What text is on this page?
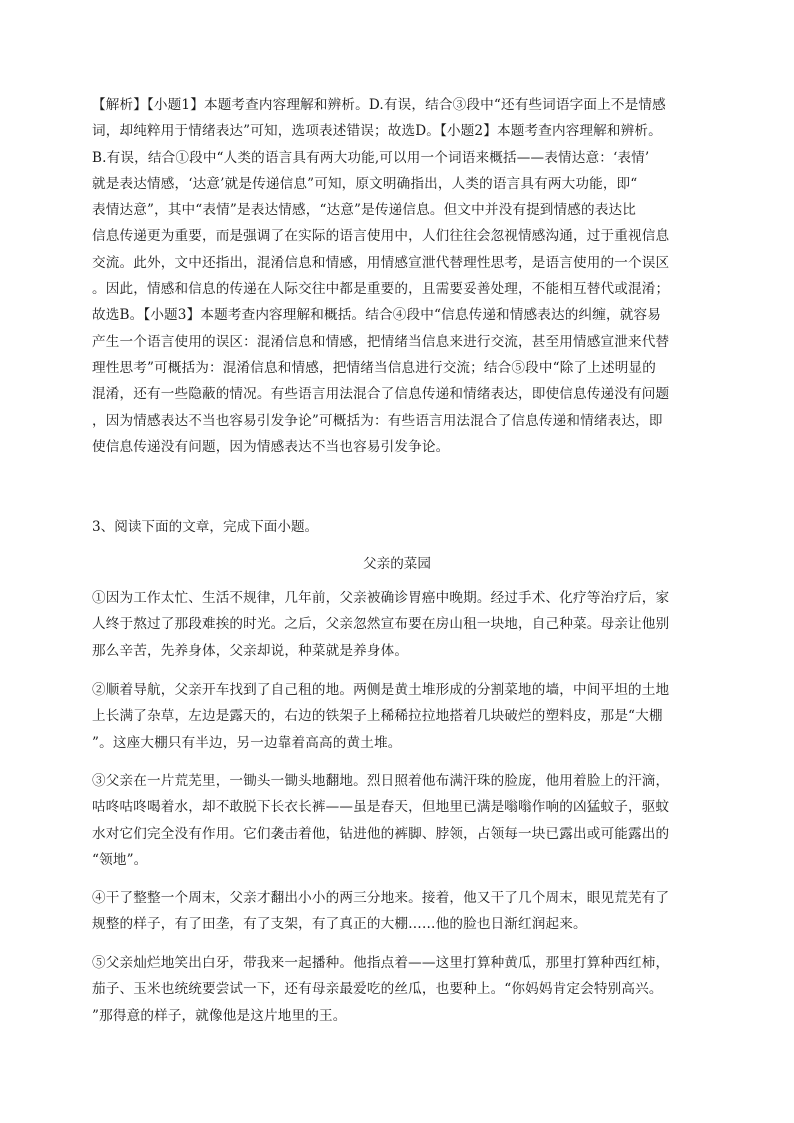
【解析】【小题1】本题考查内容理解和辨析。D.有误，结合③段中“还有些词语字面上不是情感
词，却纯粹用于情绪表达”可知，选项表述错误；故选D。【小题2】本题考查内容理解和辨析。
B.有误，结合①段中“人类的语言具有两大功能,可以用一个词语来概括——表情达意：‘表情’
就是表达情感，‘达意’就是传递信息”可知，原文明确指出，人类的语言具有两大功能，即“
表情达意”，其中“表情”是表达情感，“达意”是传递信息。但文中并没有提到情感的表达比
信息传递更为重要，而是强调了在实际的语言使用中，人们往往会忽视情感沟通，过于重视信息
交流。此外，文中还指出，混淆信息和情感，用情感宣泄代替理性思考，是语言使用的一个误区
。因此，情感和信息的传递在人际交往中都是重要的，且需要妥善处理，不能相互替代或混淆；
故选B。【小题3】本题考查内容理解和概括。结合④段中“信息传递和情感表达的纠缠，就容易
产生一个语言使用的误区：混淆信息和情感，把情绪当信息来进行交流，甚至用情感宣泄来代替
理性思考”可概括为：混淆信息和情感，把情绪当信息进行交流；结合⑤段中“除了上述明显的
混淆，还有一些隐蔽的情况。有些语言用法混合了信息传递和情绪表达，即使信息传递没有问题
，因为情感表达不当也容易引发争论”可概括为：有些语言用法混合了信息传递和情绪表达，即
使信息传递没有问题，因为情感表达不当也容易引发争论。
3、阅读下面的文章，完成下面小题。
父亲的菜园
①因为工作太忙、生活不规律，几年前，父亲被确诊胃癌中晚期。经过手术、化疗等治疗后，家
人终于熬过了那段难挨的时光。之后，父亲忽然宣布要在房山租一块地，自己种菜。母亲让他别
那么辛苦，先养身体，父亲却说，种菜就是养身体。
②顺着导航，父亲开车找到了自己租的地。两侧是黄土堆形成的分割菜地的墙，中间平坦的土地
上长满了杂草，左边是露天的，右边的铁架子上稀稀拉拉地搭着几块破烂的塑料皮，那是“大棚
”。这座大棚只有半边，另一边靠着高高的黄土堆。
③父亲在一片荒芜里，一锄头一锄头地翻地。烈日照着他布满汗珠的脸庞，他用着脸上的汗滴，
咕咚咕咚喝着水，却不敢脱下长衣长裤——虽是春天，但地里已满是嗡嗡作响的凶猛蚊子，驱蚊
水对它们完全没有作用。它们袭击着他，钻进他的裤脚、脖领，占领每一块已露出或可能露出的
“领地”。
④干了整整一个周末，父亲才翻出小小的两三分地来。接着，他又干了几个周末，眼见荒芜有了
规整的样子，有了田垄，有了支架，有了真正的大棚……他的脸也日渐红润起来。
⑤父亲灿烂地笑出白牙，带我来一起播种。他指点着——这里打算种黄瓜，那里打算种西红柿，
茄子、玉米也统统要尝试一下，还有母亲最爱吃的丝瓜，也要种上。“你妈妈肯定会特别高兴。
”那得意的样子，就像他是这片地里的王。
